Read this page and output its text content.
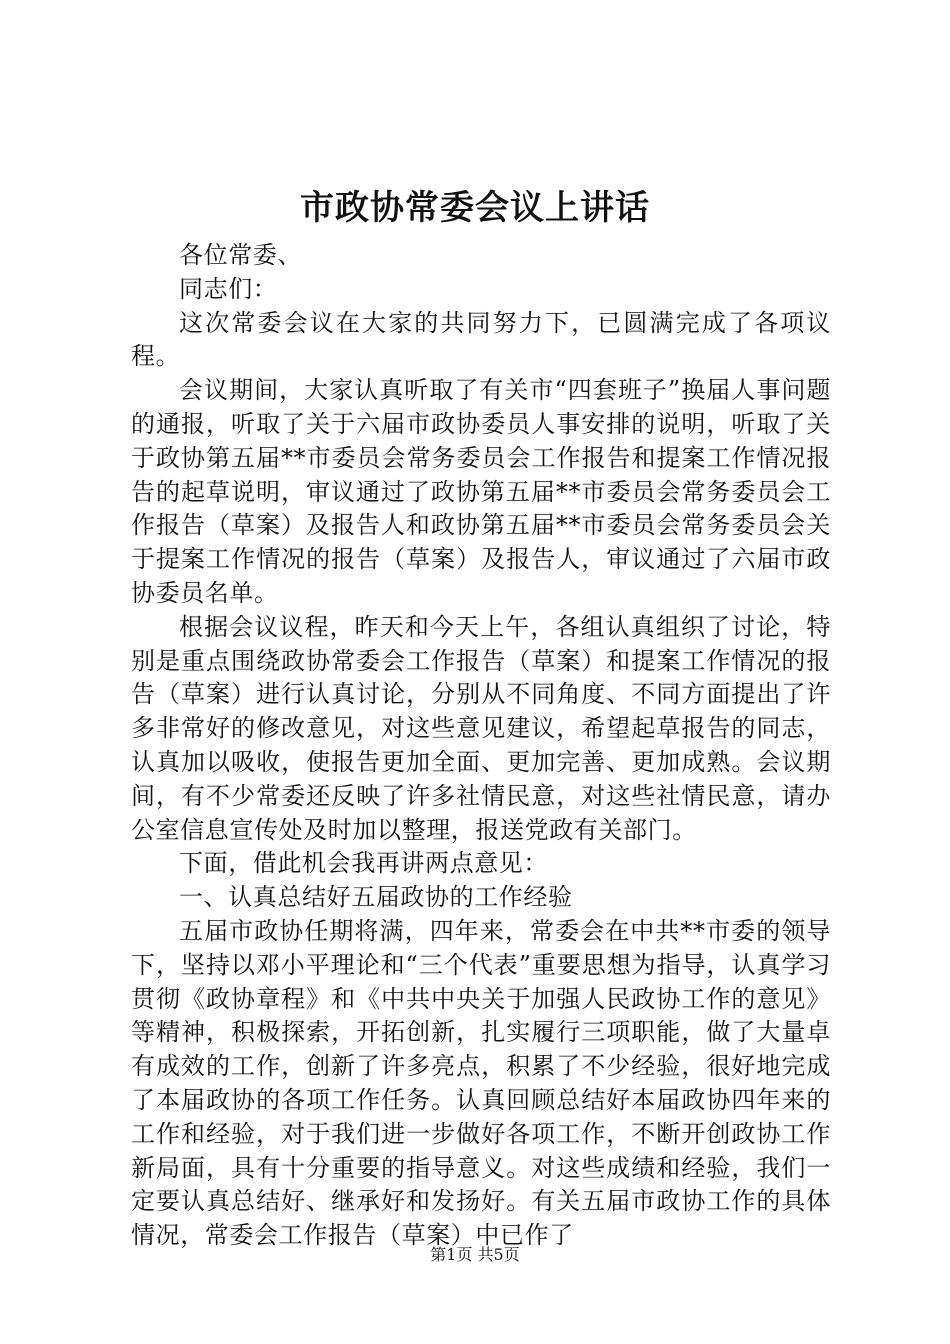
市政协常委会议上讲话

各位常委、

同志们：

这次常委会议在大家的共同努力下，已圆满完成了各项议程。

会议期间，大家认真听取了有关市“四套班子”换届人事问题的通报，听取了关于六届市政协委员人事安排的说明，听取了关于政协第五届**市委员会常务委员会工作报告和提案工作情况报告的起草说明，审议通过了政协第五届**市委员会常务委员会工作报告（草案）及报告人和政协第五届**市委员会常务委员会关于提案工作情况的报告（草案）及报告人，审议通过了六届市政协委员名单。

根据会议议程，昨天和今天上午，各组认真组织了讨论，特别是重点围绕政协常委会工作报告（草案）和提案工作情况的报告（草案）进行认真讨论，分别从不同角度、不同方面提出了许多非常好的修改意见，对这些意见建议，希望起草报告的同志，认真加以吸收，使报告更加全面、更加完善、更加成熟。会议期间，有不少常委还反映了许多社情民意，对这些社情民意，请办公室信息宣传处及时加以整理，报送党政有关部门。

下面，借此机会我再讲两点意见：

一、认真总结好五届政协的工作经验

五届市政协任期将满，四年来，常委会在中共**市委的领导下，坚持以邓小平理论和“三个代表”重要思想为指导，认真学习贯彻《政协章程》和《中共中央关于加强人民政协工作的意见》等精神，积极探索，开拓创新，扎实履行三项职能，做了大量卓有成效的工作，创新了许多亮点，积累了不少经验，很好地完成了本届政协的各项工作任务。认真回顾总结好本届政协四年来的工作和经验，对于我们进一步做好各项工作，不断开创政协工作新局面，具有十分重要的指导意义。对这些成绩和经验，我们一定要认真总结好、继承好和发扬好。有关五届市政协工作的具体情况，常委会工作报告（草案）中已作了

第1页 共5页
